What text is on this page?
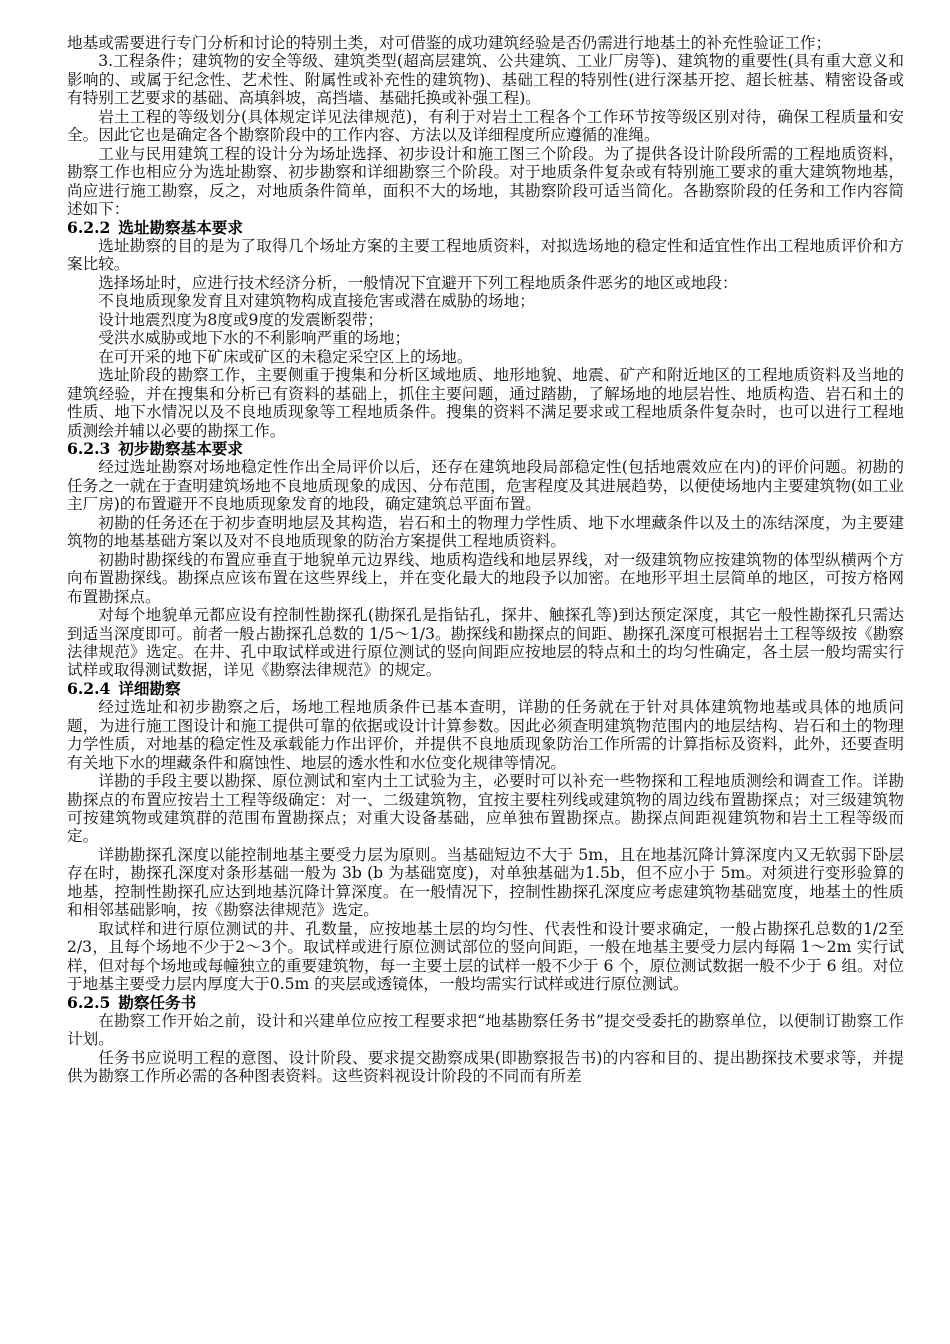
地基或需要进行专门分析和讨论的特别土类，对可借鉴的成功建筑经验是否仍需进行地基土的补充性验证工作；

3.工程条件；建筑物的安全等级、建筑类型(超高层建筑、公共建筑、工业厂房等)、建筑物的重要性(具有重大意义和影响的、或属于纪念性、艺术性、附属性或补充性的建筑物)、基础工程的特别性(进行深基开挖、超长桩基、精密设备或有特别工艺要求的基础、高填斜坡，高挡墙、基础托换或补强工程)。

岩土工程的等级划分(具体规定详见法律规范)，有利于对岩土工程各个工作环节按等级区别对待，确保工程质量和安全。因此它也是确定各个勘察阶段中的工作内容、方法以及详细程度所应遵循的准绳。

工业与民用建筑工程的设计分为场址选择、初步设计和施工图三个阶段。为了提供各设计阶段所需的工程地质资料，勘察工作也相应分为选址勘察、初步勘察和详细勘察三个阶段。对于地质条件复杂或有特别施工要求的重大建筑物地基，尚应进行施工勘察，反之，对地质条件简单，面积不大的场地，其勘察阶段可适当简化。各勘察阶段的任务和工作内容简述如下：

6.2.2 选址勘察基本要求

选址勘察的目的是为了取得几个场址方案的主要工程地质资料，对拟选场地的稳定性和适宜性作出工程地质评价和方案比较。

选择场址时，应进行技术经济分析，一般情况下宜避开下列工程地质条件恶劣的地区或地段：

不良地质现象发育且对建筑物构成直接危害或潜在威胁的场地；

设计地震烈度为8度或9度的发震断裂带；

受洪水威胁或地下水的不利影响严重的场地；

在可开采的地下矿床或矿区的未稳定采空区上的场地。

选址阶段的勘察工作，主要侧重于搜集和分析区域地质、地形地貌、地震、矿产和附近地区的工程地质资料及当地的建筑经验，并在搜集和分析已有资料的基础上，抓住主要问题，通过踏勘，了解场地的地层岩性、地质构造、岩石和土的性质、地下水情况以及不良地质现象等工程地质条件。搜集的资料不满足要求或工程地质条件复杂时，也可以进行工程地质测绘并辅以必要的勘探工作。

6.2.3 初步勘察基本要求

经过选址勘察对场地稳定性作出全局评价以后，还存在建筑地段局部稳定性(包括地震效应在内)的评价问题。初勘的任务之一就在于查明建筑场地不良地质现象的成因、分布范围，危害程度及其进展趋势，以便使场地内主要建筑物(如工业主厂房)的布置避开不良地质现象发育的地段，确定建筑总平面布置。

初勘的任务还在于初步查明地层及其构造，岩石和土的物理力学性质、地下水埋藏条件以及土的冻结深度，为主要建筑物的地基基础方案以及对不良地质现象的防治方案提供工程地质资料。

初勘时勘探线的布置应垂直于地貌单元边界线、地质构造线和地层界线，对一级建筑物应按建筑物的体型纵横两个方向布置勘探线。勘探点应该布置在这些界线上，并在变化最大的地段予以加密。在地形平坦土层简单的地区，可按方格网布置勘探点。

对每个地貌单元都应设有控制性勘探孔(勘探孔是指钻孔，探井、触探孔等)到达预定深度，其它一般性勘探孔只需达到适当深度即可。前者一般占勘探孔总数的 1/5～1/3。勘探线和勘探点的间距、勘探孔深度可根据岩土工程等级按《勘察法律规范》选定。在井、孔中取试样或进行原位测试的竖向间距应按地层的特点和土的均匀性确定，各土层一般均需实行试样或取得测试数据，详见《勘察法律规范》的规定。

6.2.4 详细勘察

经过选址和初步勘察之后，场地工程地质条件已基本查明，详勘的任务就在于针对具体建筑物地基或具体的地质问题，为进行施工图设计和施工提供可靠的依据或设计计算参数。因此必须查明建筑物范围内的地层结构、岩石和土的物理力学性质，对地基的稳定性及承载能力作出评价，并提供不良地质现象防治工作所需的计算指标及资料，此外，还要查明有关地下水的埋藏条件和腐蚀性、地层的透水性和水位变化规律等情况。

详勘的手段主要以勘探、原位测试和室内土工试验为主，必要时可以补充一些物探和工程地质测绘和调查工作。详勘勘探点的布置应按岩土工程等级确定：对一、二级建筑物，宜按主要柱列线或建筑物的周边线布置勘探点；对三级建筑物可按建筑物或建筑群的范围布置勘探点；对重大设备基础，应单独布置勘探点。勘探点间距视建筑物和岩土工程等级而定。

详勘勘探孔深度以能控制地基主要受力层为原则。当基础短边不大于 5m，且在地基沉降计算深度内又无软弱下卧层存在时，勘探孔深度对条形基础一般为 3b (b 为基础宽度)，对单独基础为1.5b，但不应小于 5m。对须进行变形验算的地基，控制性勘探孔应达到地基沉降计算深度。在一般情况下，控制性勘探孔深度应考虑建筑物基础宽度，地基土的性质和相邻基础影响，按《勘察法律规范》选定。

取试样和进行原位测试的井、孔数量，应按地基土层的均匀性、代表性和设计要求确定，一般占勘探孔总数的1/2至2/3，且每个场地不少于2～3个。取试样或进行原位测试部位的竖向间距，一般在地基主要受力层内每隔 1～2m 实行试样，但对每个场地或每幢独立的重要建筑物，每一主要土层的试样一般不少于 6 个，原位测试数据一般不少于 6 组。对位于地基主要受力层内厚度大于0.5m 的夹层或透镜体，一般均需实行试样或进行原位测试。

6.2.5 勘察任务书

在勘察工作开始之前，设计和兴建单位应按工程要求把“地基勘察任务书”提交受委托的勘察单位，以便制订勘察工作计划。

任务书应说明工程的意图、设计阶段、要求提交勘察成果(即勘察报告书)的内容和目的、提出勘探技术要求等，并提供为勘察工作所必需的各种图表资料。这些资料视设计阶段的不同而有所差
